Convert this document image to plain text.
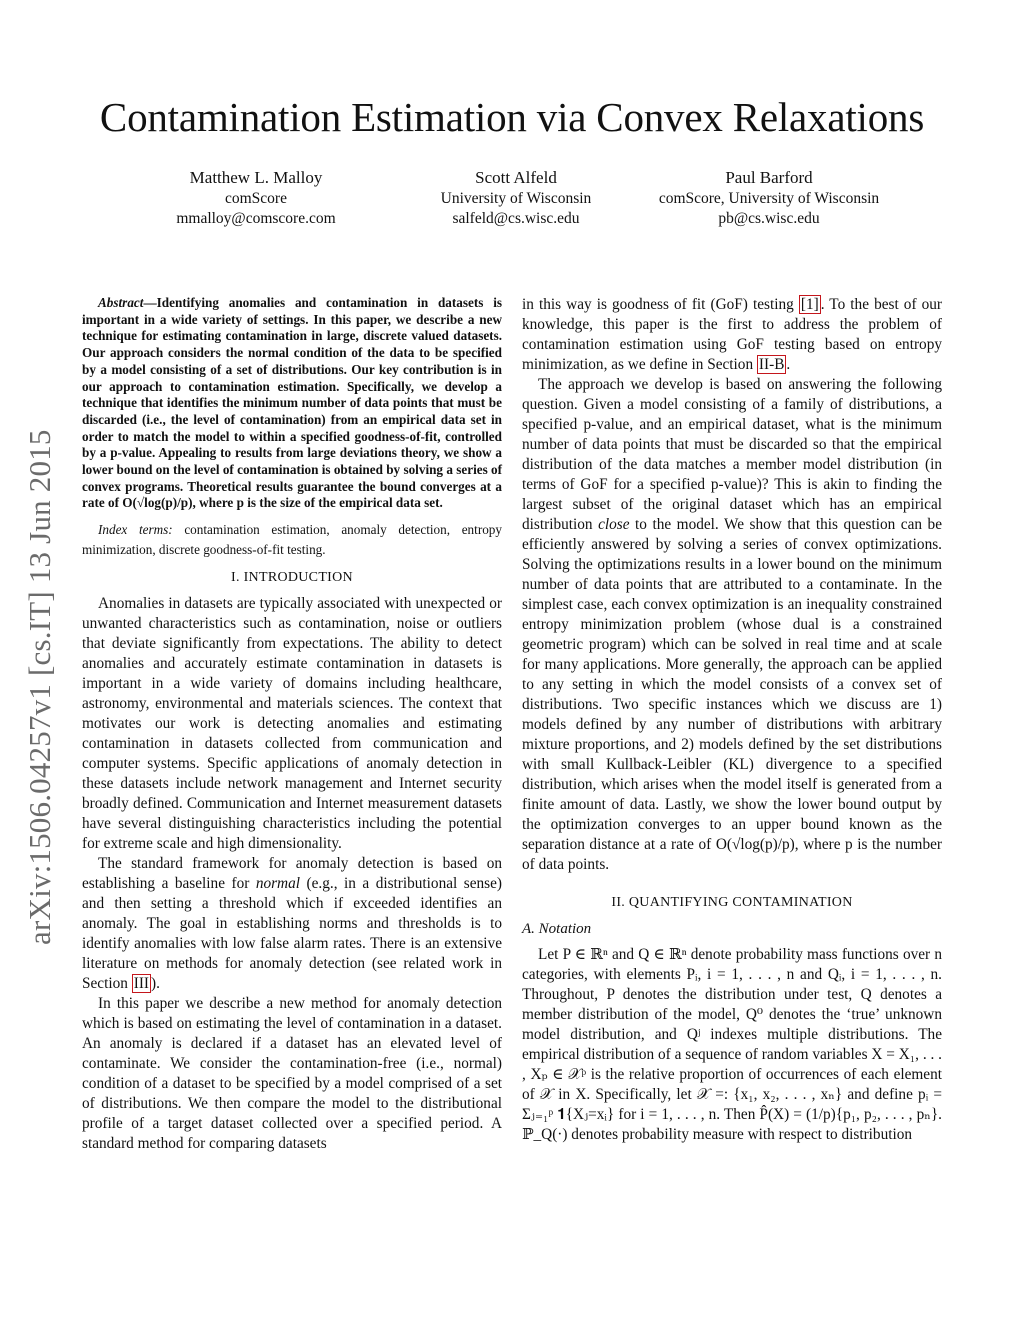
arXiv:1506.04257v1 [cs.IT] 13 Jun 2015
Contamination Estimation via Convex Relaxations
Matthew L. Malloy
comScore
mmalloy@comscore.com
Scott Alfeld
University of Wisconsin
salfeld@cs.wisc.edu
Paul Barford
comScore, University of Wisconsin
pb@cs.wisc.edu

Abstract—Identifying anomalies and contamination in datasets is important in a wide variety of settings. In this paper, we describe a new technique for estimating contamination in large, discrete valued datasets. Our approach considers the normal condition of the data to be specified by a model consisting of a set of distributions. Our key contribution is in our approach to contamination estimation. Specifically, we develop a technique that identifies the minimum number of data points that must be discarded (i.e., the level of contamination) from an empirical data set in order to match the model to within a specified goodness-of-fit, controlled by a p-value. Appealing to results from large deviations theory, we show a lower bound on the level of contamination is obtained by solving a series of convex programs. Theoretical results guarantee the bound converges at a rate of O(√log(p)/p), where p is the size of the empirical data set.

Index terms: contamination estimation, anomaly detection, entropy minimization, discrete goodness-of-fit testing.

I. INTRODUCTION

Anomalies in datasets are typically associated with unexpected or unwanted characteristics such as contamination, noise or outliers that deviate significantly from expectations. The ability to detect anomalies and accurately estimate contamination in datasets is important in a wide variety of domains including healthcare, astronomy, environmental and materials sciences. The context that motivates our work is detecting anomalies and estimating contamination in datasets collected from communication and computer systems. Specific applications of anomaly detection in these datasets include network management and Internet security broadly defined. Communication and Internet measurement datasets have several distinguishing characteristics including the potential for extreme scale and high dimensionality.

The standard framework for anomaly detection is based on establishing a baseline for normal (e.g., in a distributional sense) and then setting a threshold which if exceeded identifies an anomaly. The goal in establishing norms and thresholds is to identify anomalies with low false alarm rates. There is an extensive literature on methods for anomaly detection (see related work in Section III ).

In this paper we describe a new method for anomaly detection which is based on estimating the level of contamination in a dataset. An anomaly is declared if a dataset has an elevated level of contaminate. We consider the contamination-free (i.e., normal) condition of a dataset to be specified by a model comprised of a set of distributions. We then compare the model to the distributional profile of a target dataset collected over a specified period. A standard method for comparing datasets

in this way is goodness of fit (GoF) testing [1] . To the best of our knowledge, this paper is the first to address the problem of contamination estimation using GoF testing based on entropy minimization, as we define in Section II-B .

The approach we develop is based on answering the following question. Given a model consisting of a family of distributions, a specified p-value, and an empirical dataset, what is the minimum number of data points that must be discarded so that the empirical distribution of the data matches a member model distribution (in terms of GoF for a specified p-value)? This is akin to finding the largest subset of the original dataset which has an empirical distribution close to the model. We show that this question can be efficiently answered by solving a series of convex optimizations. Solving the optimizations results in a lower bound on the minimum number of data points that are attributed to a contaminate. In the simplest case, each convex optimization is an inequality constrained entropy minimization problem (whose dual is a constrained geometric program) which can be solved in real time and at scale for many applications. More generally, the approach can be applied to any setting in which the model consists of a convex set of distributions. Two specific instances which we discuss are 1) models defined by any number of distributions with arbitrary mixture proportions, and 2) models defined by the set distributions with small Kullback-Leibler (KL) divergence to a specified distribution, which arises when the model itself is generated from a finite amount of data. Lastly, we show the lower bound output by the optimization converges to an upper bound known as the separation distance at a rate of O(√log(p)/p), where p is the number of data points.

II. QUANTIFYING CONTAMINATION
A. Notation

Let P ∈ ℝⁿ and Q ∈ ℝⁿ denote probability mass functions over n categories, with elements Pᵢ, i = 1, . . . , n and Qᵢ, i = 1, . . . , n. Throughout, P denotes the distribution under test, Q denotes a member distribution of the model, Q⁰ denotes the ‘true’ unknown model distribution, and Qʲ indexes multiple distributions. The empirical distribution of a sequence of random variables X = X₁, . . . , Xₚ ∈ 𝒳ᵖ is the relative proportion of occurrences of each element of 𝒳 in X. Specifically, let 𝒳 =: {x₁, x₂, . . . , xₙ} and define pᵢ = Σⱼ₌₁ᵖ 𝟏{Xⱼ=xᵢ} for i = 1, . . . , n. Then P̂(X) = (1/p){p₁, p₂, . . . , pₙ}. ℙ_Q(·) denotes probability measure with respect to distribution
